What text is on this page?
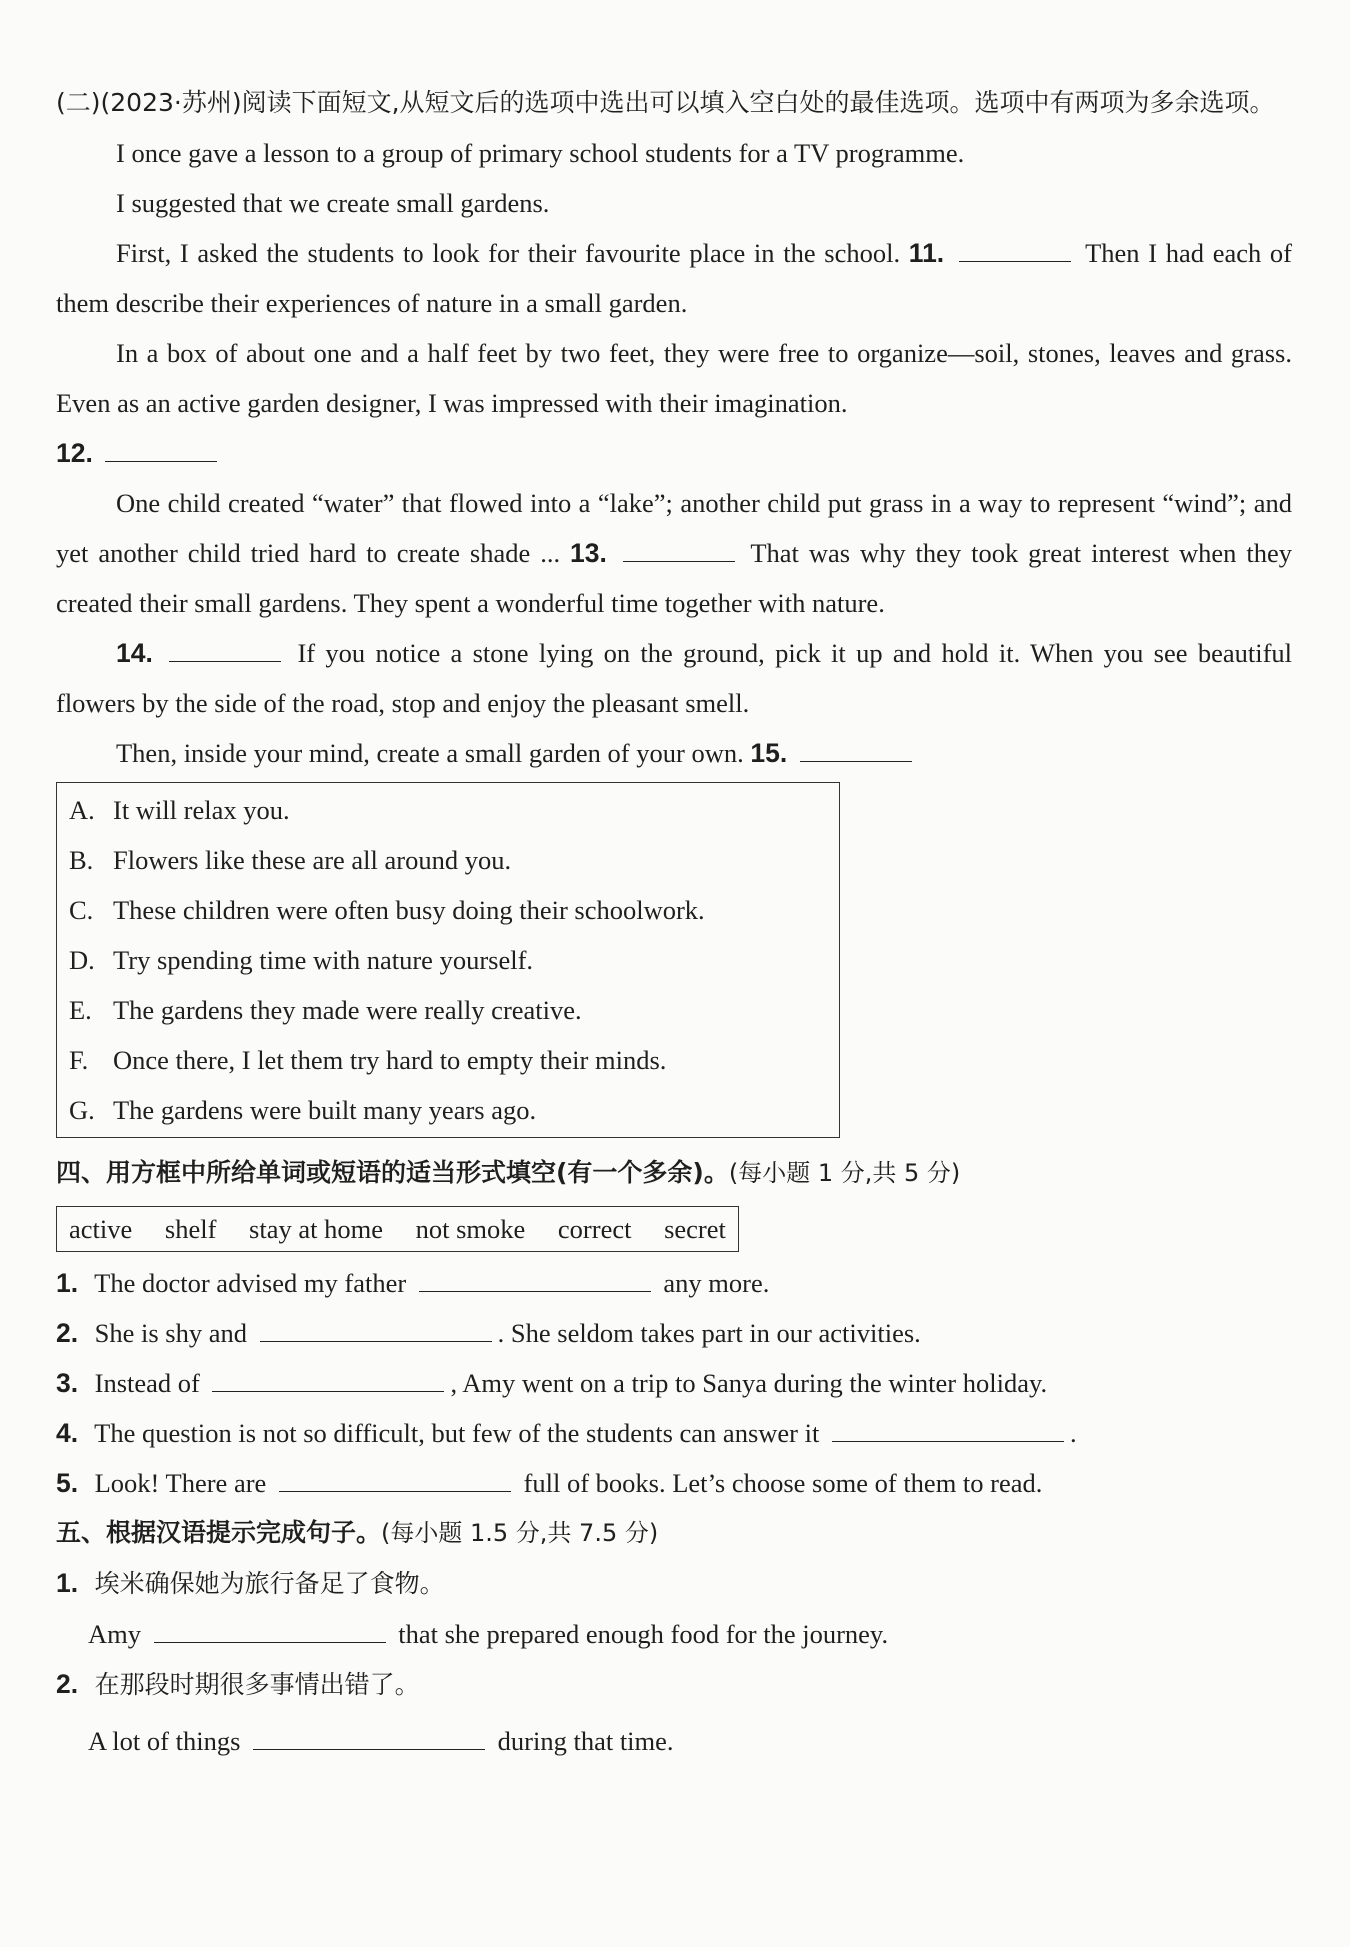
(二)(2023·苏州)阅读下面短文,从短文后的选项中选出可以填入空白处的最佳选项。选项中有两项为多余选项。

I once gave a lesson to a group of primary school students for a TV programme.

I suggested that we create small gardens.

First, I asked the students to look for their favourite place in the school. 11.	Then I had each of them describe their experiences of nature in a small garden.

In a box of about one and a half feet by two feet, they were free to organize—soil, stones, leaves and grass. Even as an active garden designer, I was impressed with their imagination.

12.

One child created “water” that flowed into a “lake”; another child put grass in a way to represent “wind”; and yet another child tried hard to create shade ... 13.	That was why they took great interest when they created their small gardens. They spent a wonderful time together with nature.

14.	If you notice a stone lying on the ground, pick it up and hold it. When you see beautiful flowers by the side of the road, stop and enjoy the pleasant smell.

Then, inside your mind, create a small garden of your own. 15.

A. It will relax you.

B. Flowers like these are all around you.

C. These children were often busy doing their schoolwork.

D. Try spending time with nature yourself.

E. The gardens they made were really creative.

F. Once there, I let them try hard to empty their minds.

G. The gardens were built many years ago.

四、用方框中所给单词或短语的适当形式填空(有一个多余)。(每小题 1 分,共 5 分)

active shelf stay at home not smoke correct secret

1. The doctor advised my father	any more.

2. She is shy and	. She seldom takes part in our activities.

3. Instead of	, Amy went on a trip to Sanya during the winter holiday.

4. The question is not so difficult, but few of the students can answer it	.

5. Look! There are	full of books. Let’s choose some of them to read.

五、根据汉语提示完成句子。(每小题 1.5 分,共 7.5 分)

1. 埃米确保她为旅行备足了食物。

Amy	that she prepared enough food for the journey.

2. 在那段时期很多事情出错了。

A lot of things	during that time.
